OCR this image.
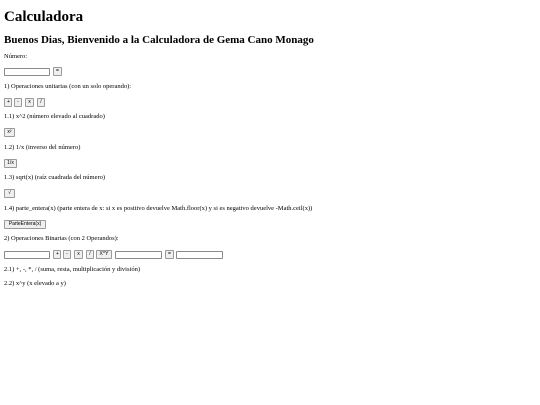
Calculadora
Buenos Dias, Bienvenido a la Calculadora de Gema Cano Monago
Número:
=
1) Operaciones unitarias (con un solo operando):
+	-	x	/
1.1) x^2 (número elevado al cuadrado)
x²
1.2) 1/x (inverso del número)
1/x
1.3) sqrt(x) (raíz cuadrada del número)
√
1.4) parte_entera(x) (parte entera de x: si x es positivo devuelve Math.floor(x) y si es negativo devuelve -Math.ceil(x))
ParteEntera(x)
2) Operaciones Binarias (con 2 Operandos):
+	-	x	/	X^Y	=
2.1) +, -, *, / (suma, resta, multiplicación y división)
2.2) x^y (x elevado a y)
